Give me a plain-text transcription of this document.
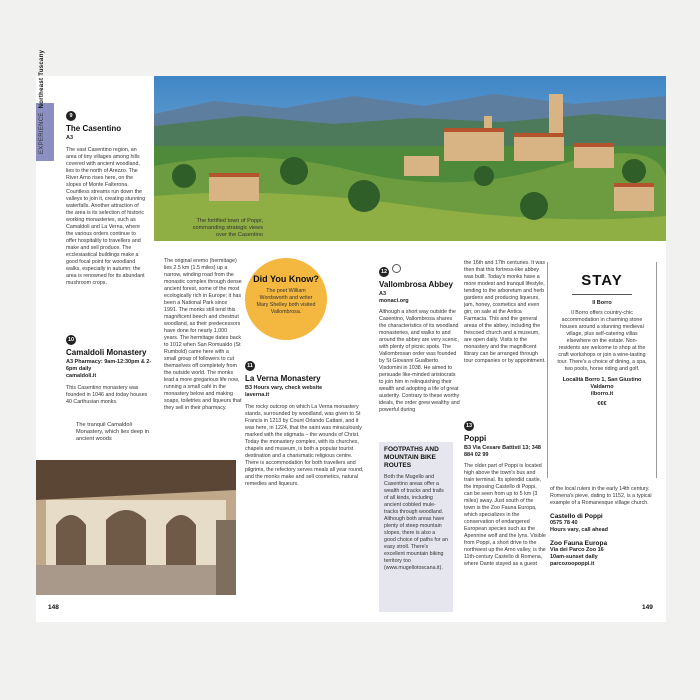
EXPERIENCE  Northeast Tuscany
9
The Casentino
A3
The vast Casentino region, an area of tiny villages among hills covered with ancient woodland, lies to the north of Arezzo. The River Arno rises here, on the slopes of Monte Falterona. Countless streams run down the valleys to join it, creating stunning waterfalls. Another attraction of the area is its selection of historic working monasteries, such as Camaldoli and La Verna, where the various orders continue to offer hospitality to travellers and make and sell produce. The ecclesiastical buildings make a good focal point for woodland walks, especially in autumn: the area is renowned for its abundant mushroom crops.
The fortified town of Poppi, commanding strategic views over the Casentino
10
Camaldoli Monastery
A3 Pharmacy: 9am-12:30pm & 2-6pm daily
camaldoli.it
This Casentino monastery was founded in 1046 and today houses 40 Carthusian monks.
The tranquil Camaldoli Monastery, which lies deep in ancient woods
The original eremo (hermitage) lies 2.5 km (1.5 miles) up a narrow, winding road from the monastic complex through dense ancient forest, some of the most ecologically rich in Europe; it has been a National Park since 1991. The monks still tend this magnificent beech and chestnut woodland, as their predecessors have done for nearly 1,000 years. The hermitage dates back to 1012 when San Romualdo (St Rumbold) came here with a small group of followers to cut themselves off completely from the outside world. The monks lead a more gregarious life now, running a small café in the monastery below and making soaps, toiletries and liqueurs that they sell in their pharmacy.
Did You Know?
The poet William Wordsworth and writer Mary Shelley both visited Vallombrosa.
11
La Verna Monastery
B3 Hours vary, check website
laverna.it
The rocky outcrop on which La Verna monastery stands, surrounded by woodland, was given to St Francis in 1213 by Count Orlando Cattani, and it was here, in 1224, that the saint was miraculously marked with the stigmata – the wounds of Christ. Today the monastery complex, with its churches, chapels and museum, is both a popular tourist destination and a charismatic religious centre. There is accommodation for both travellers and pilgrims, the refectory serves meals all year round, and the monks make and sell cosmetics, natural remedies and liqueurs.
12
Vallombrosa Abbey
A3
monaci.org
Although a short way outside the Casentino, Vallombrosa shares the characteristics of its woodland monasteries, and walks to and around the abbey are very scenic, with plenty of picnic spots. The Vallombrosan order was founded by St Giovanni Gualberto Visdomini in 1038. He aimed to persuade like-minded aristocrats to join him in relinquishing their wealth and adopting a life of great austerity. Contrary to these worthy ideals, the order grew wealthy and powerful during
FOOTPATHS AND MOUNTAIN BIKE ROUTES
Both the Mugello and Casentino areas offer a wealth of tracks and trails of all kinds, including ancient cobbled mule-tracks through woodland. Although both areas have plenty of steep mountain slopes, there is also a good choice of paths for an easy stroll. There's excellent mountain biking territory too (www.mugellotoscana.it).
the 16th and 17th centuries. It was then that this fortress-like abbey was built. Today's monks have a more modest and tranquil lifestyle, tending to the arboretum and herb gardens and producing liqueurs, jam, honey, cosmetics and even gin; on sale at the Antica Farmacia. This and the general areas of the abbey, including the frescoed church and a museum, are open daily. Visits to the monastery and the magnificent library can be arranged through tour companies or by appointment.
13
Poppi
B3 Via Cesare Battisti 13; 348 884 02 99
The older part of Poppi is located high above the town's bus and train terminal. Its splendid castle, the imposing Castello di Poppi, can be seen from up to 5 km (3 miles) away. Just south of the town is the Zoo Fauna Europa, which specializes in the conservation of endangered European species such as the Apennine wolf and the lynx. Visible from Poppi, a short drive to the northwest up the Arno valley, is the 11th-century Castello di Romena, where Dante stayed as a guest
STAY
Il Borro
Il Borro offers country-chic accommodation in charming stone houses around a stunning medieval village, plus self-catering villas elsewhere on the estate. Non-residents are welcome to shop at the craft workshops or join a wine-tasting tour. There's a choice of dining, a spa, two pools, horse riding and golf.
Località Borro 1, San Giustino Valdarno
ilborro.it
€€€
of the local rulers in the early 14th century. Romena's pieve, dating to 1152, is a typical example of a Romanesque village church.
Castello di Poppi
0575 78 40
Hours vary, call ahead
Zoo Fauna Europa
Via dei Parco Zoo 16
10am-sunset daily
parcozoopoppi.it
148	149
